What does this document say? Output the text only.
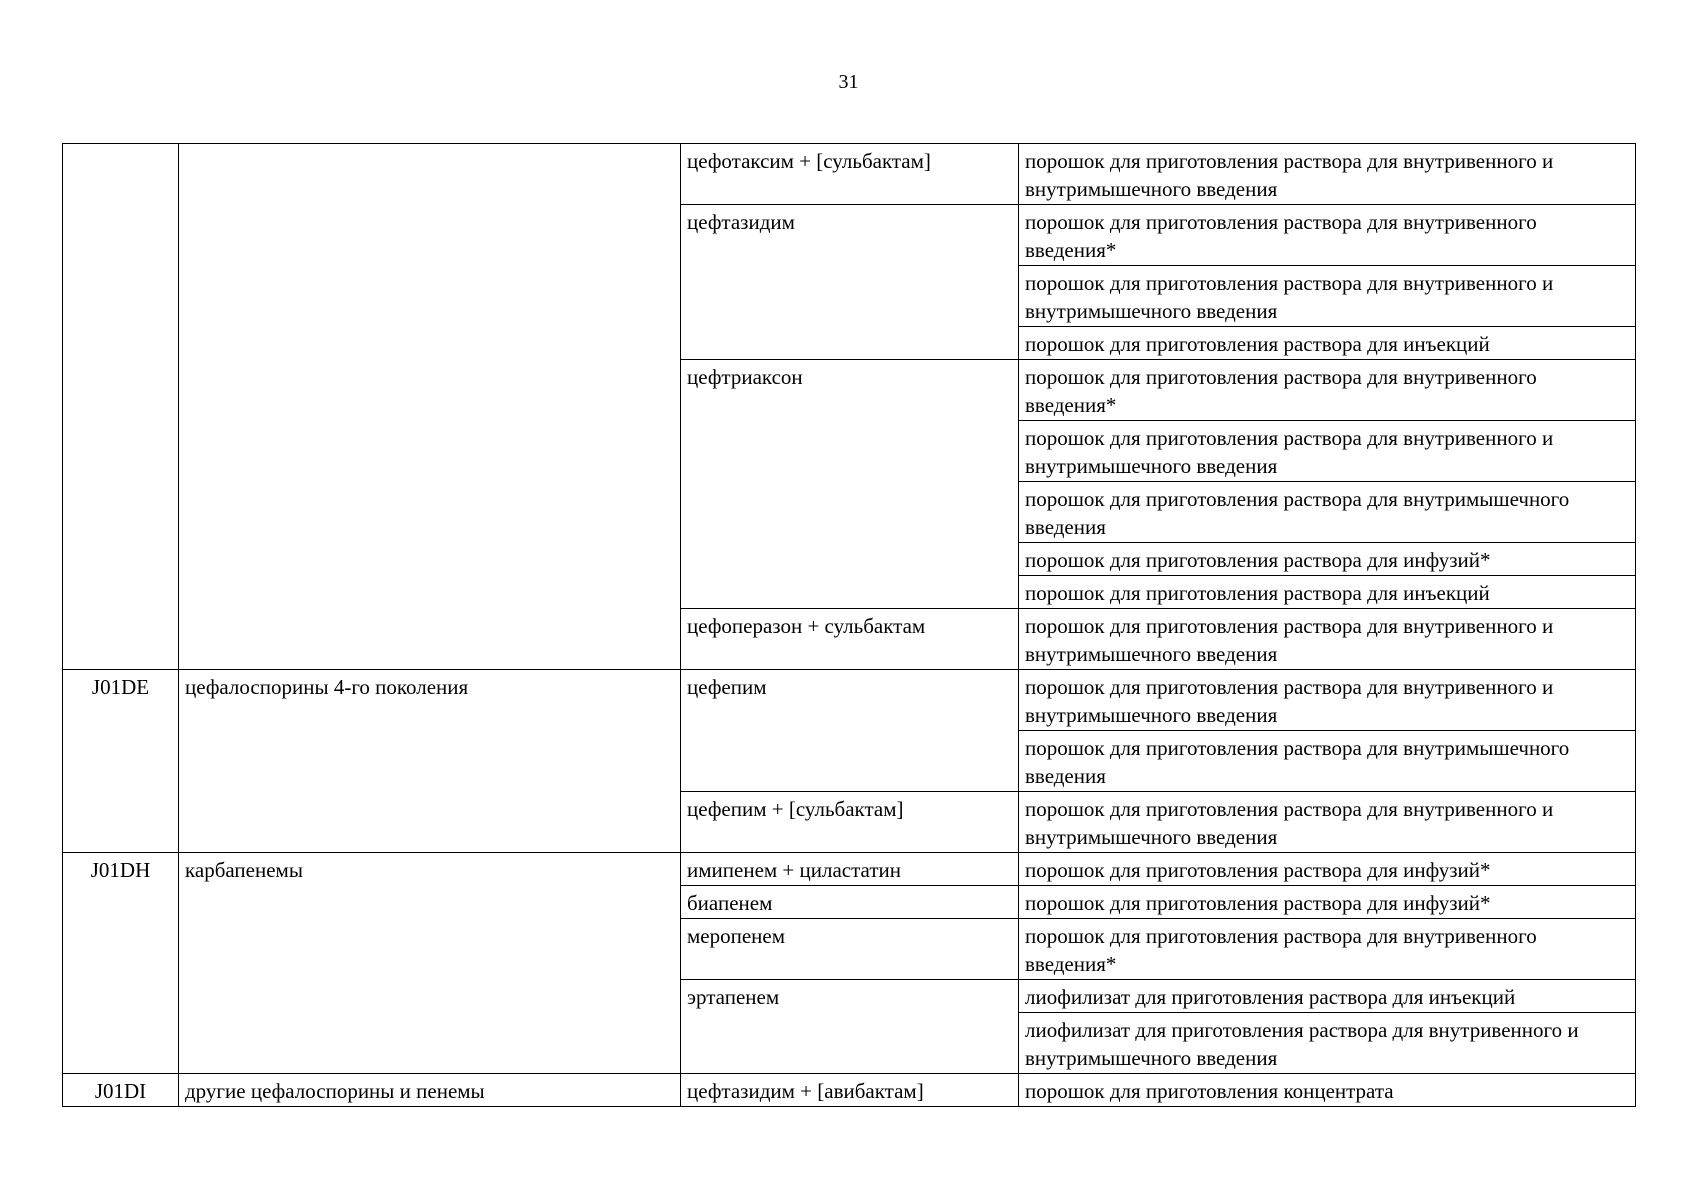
31
		цефотаксим + [сульбактам]	порошок для приготовления раствора для внутривенного и внутримышечного введения
		цефтазидим	порошок для приготовления раствора для внутривенного введения*
			порошок для приготовления раствора для внутривенного и внутримышечного введения
			порошок для приготовления раствора для инъекций
		цефтриаксон	порошок для приготовления раствора для внутривенного введения*
			порошок для приготовления раствора для внутривенного и внутримышечного введения
			порошок для приготовления раствора для внутримышечного введения
			порошок для приготовления раствора для инфузий*
			порошок для приготовления раствора для инъекций
		цефоперазон + сульбактам	порошок для приготовления раствора для внутривенного и внутримышечного введения
J01DE	цефалоспорины 4-го поколения	цефепим	порошок для приготовления раствора для внутривенного и внутримышечного введения
			порошок для приготовления раствора для внутримышечного введения
		цефепим + [сульбактам]	порошок для приготовления раствора для внутривенного и внутримышечного введения
J01DH	карбапенемы	имипенем + циластатин	порошок для приготовления раствора для инфузий*
		биапенем	порошок для приготовления раствора для инфузий*
		меропенем	порошок для приготовления раствора для внутривенного введения*
		эртапенем	лиофилизат для приготовления раствора для инъекций
			лиофилизат для приготовления раствора для внутривенного и внутримышечного введения
J01DI	другие цефалоспорины и пенемы	цефтазидим + [авибактам]	порошок для приготовления концентрата
